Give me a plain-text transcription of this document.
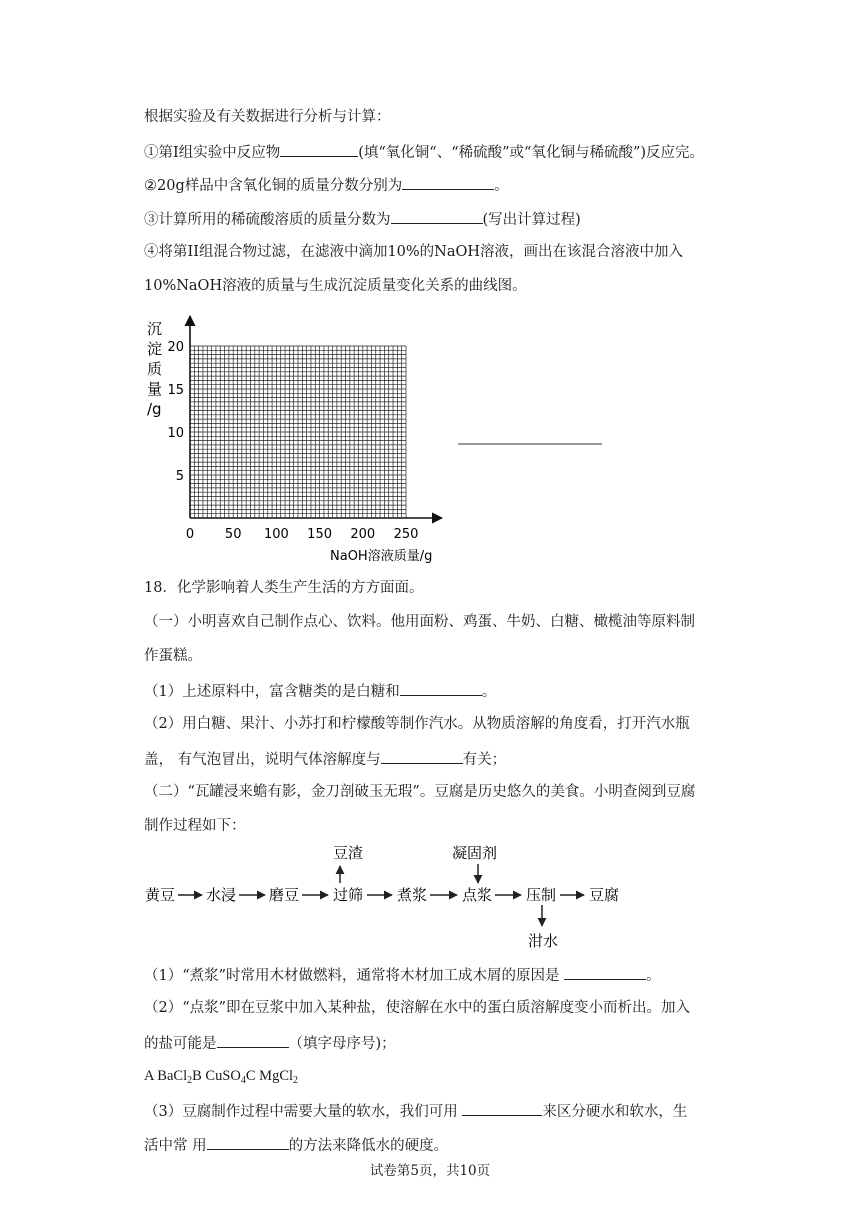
根据实验及有关数据进行分析与计算：
①第I组实验中反应物	(填“氧化铜“、“稀硫酸”或“氧化铜与稀硫酸”)反应完。
②20g样品中含氧化铜的质量分数分别为	。
③计算所用的稀硫酸溶质的质量分数为	(写出计算过程)
④将第II组混合物过滤，在滤液中滴加10%的NaOH溶液，画出在该混合溶液中加入
10%NaOH溶液的质量与生成沉淀质量变化关系的曲线图。
沉
淀
质
量
/g
0 50 100 150 200 250
5
10
15
20
NaOH溶液质量/g
18．化学影响着人类生产生活的方方面面。
（一）小明喜欢自己制作点心、饮料。他用面粉、鸡蛋、牛奶、白糖、橄榄油等原料制
作蛋糕。
（1）上述原料中，富含糖类的是白糖和	。
（2）用白糖、果汁、小苏打和柠檬酸等制作汽水。从物质溶解的角度看，打开汽水瓶
盖， 有气泡冒出，说明气体溶解度与	有关；
（二）“瓦罐浸来蟾有影，金刀剖破玉无瑕”。豆腐是历史悠久的美食。小明查阅到豆腐
制作过程如下：
黄豆 水浸 磨豆 过筛
豆渣
煮浆 点浆
凝固剂
压制
泔水
豆腐
（1）“煮浆”时常用木材做燃料，通常将木材加工成木屑的原因是	。
（2）“点浆”即在豆浆中加入某种盐，使溶解在水中的蛋白质溶解度变小而析出。加入
的盐可能是	（填字母序号)；
A BaCl$_2$B CuSO$_4$C MgCl$_2$
（3）豆腐制作过程中需要大量的软水，我们可用	来区分硬水和软水，生
活中常 用	的方法来降低水的硬度。
试卷第5页，共10页
